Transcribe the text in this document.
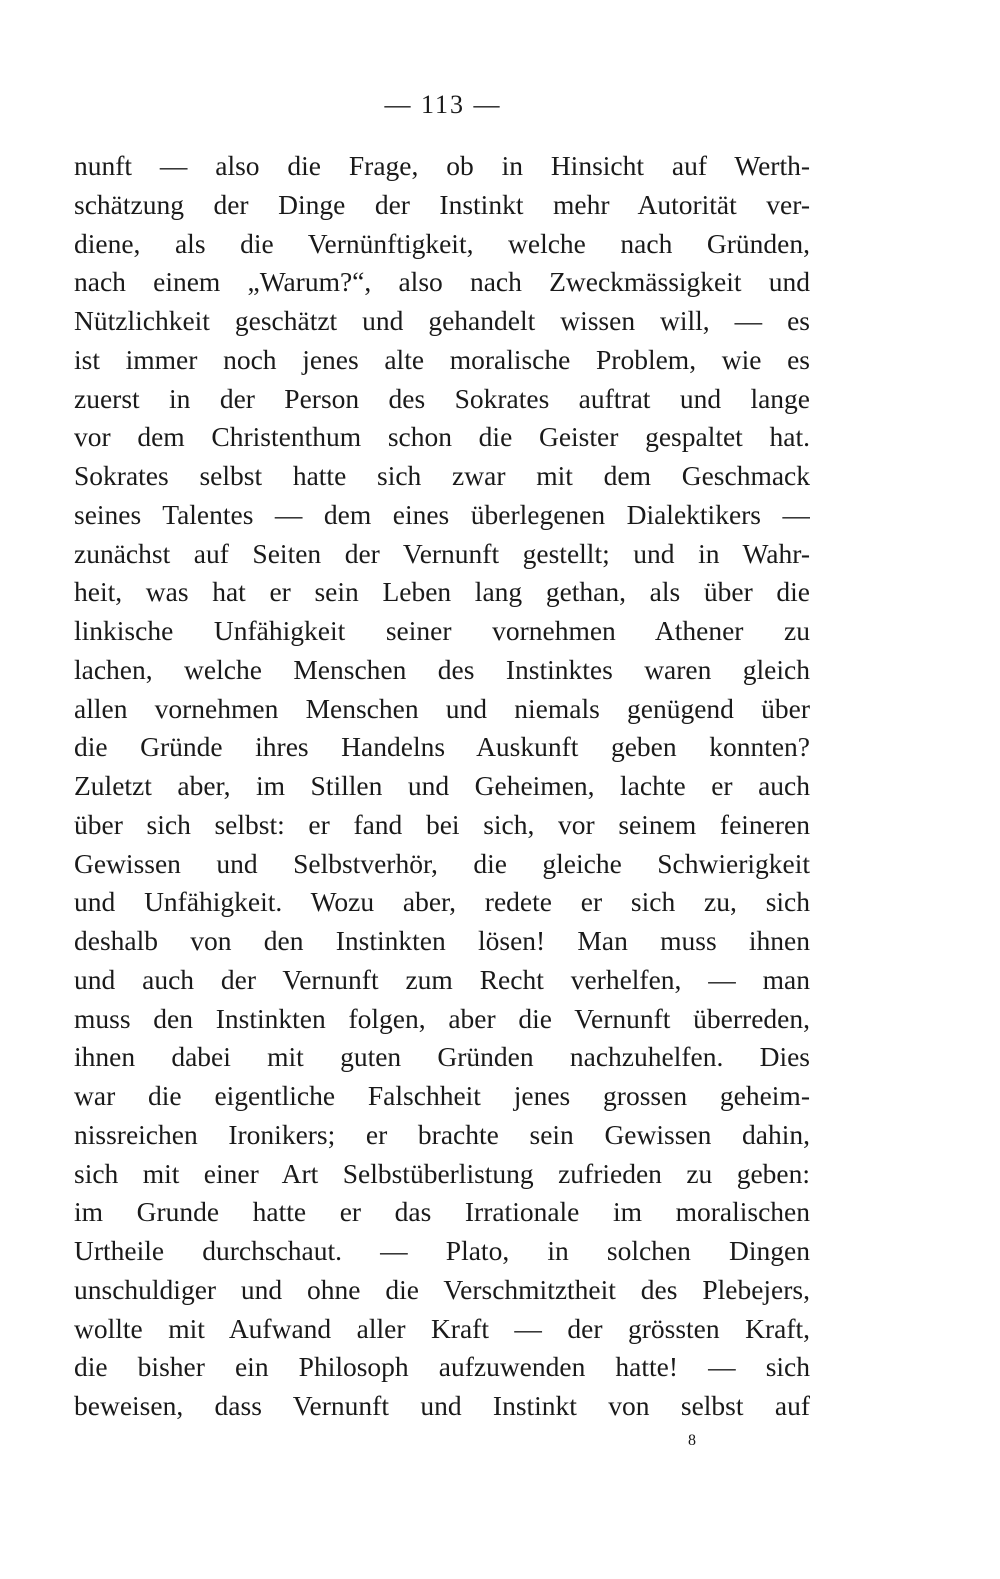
— 113 —
nunft — also die Frage, ob in Hinsicht auf Werth-
schätzung der Dinge der Instinkt mehr Autorität ver-
diene, als die Vernünftigkeit, welche nach Gründen,
nach einem „Warum?“, also nach Zweckmässigkeit und
Nützlichkeit geschätzt und gehandelt wissen will, — es
ist immer noch jenes alte moralische Problem, wie es
zuerst in der Person des Sokrates auftrat und lange
vor dem Christenthum schon die Geister gespaltet hat.
Sokrates selbst hatte sich zwar mit dem Geschmack
seines Talentes — dem eines überlegenen Dialektikers —
zunächst auf Seiten der Vernunft gestellt; und in Wahr-
heit, was hat er sein Leben lang gethan, als über die
linkische Unfähigkeit seiner vornehmen Athener zu
lachen, welche Menschen des Instinktes waren gleich
allen vornehmen Menschen und niemals genügend über
die Gründe ihres Handelns Auskunft geben konnten?
Zuletzt aber, im Stillen und Geheimen, lachte er auch
über sich selbst: er fand bei sich, vor seinem feineren
Gewissen und Selbstverhör, die gleiche Schwierigkeit
und Unfähigkeit. Wozu aber, redete er sich zu, sich
deshalb von den Instinkten lösen! Man muss ihnen
und auch der Vernunft zum Recht verhelfen, — man
muss den Instinkten folgen, aber die Vernunft überreden,
ihnen dabei mit guten Gründen nachzuhelfen. Dies
war die eigentliche Falschheit jenes grossen geheim-
nissreichen Ironikers; er brachte sein Gewissen dahin,
sich mit einer Art Selbstüberlistung zufrieden zu geben:
im Grunde hatte er das Irrationale im moralischen
Urtheile durchschaut. — Plato, in solchen Dingen
unschuldiger und ohne die Verschmitztheit des Plebejers,
wollte mit Aufwand aller Kraft — der grössten Kraft,
die bisher ein Philosoph aufzuwenden hatte! — sich
beweisen, dass Vernunft und Instinkt von selbst auf
8
